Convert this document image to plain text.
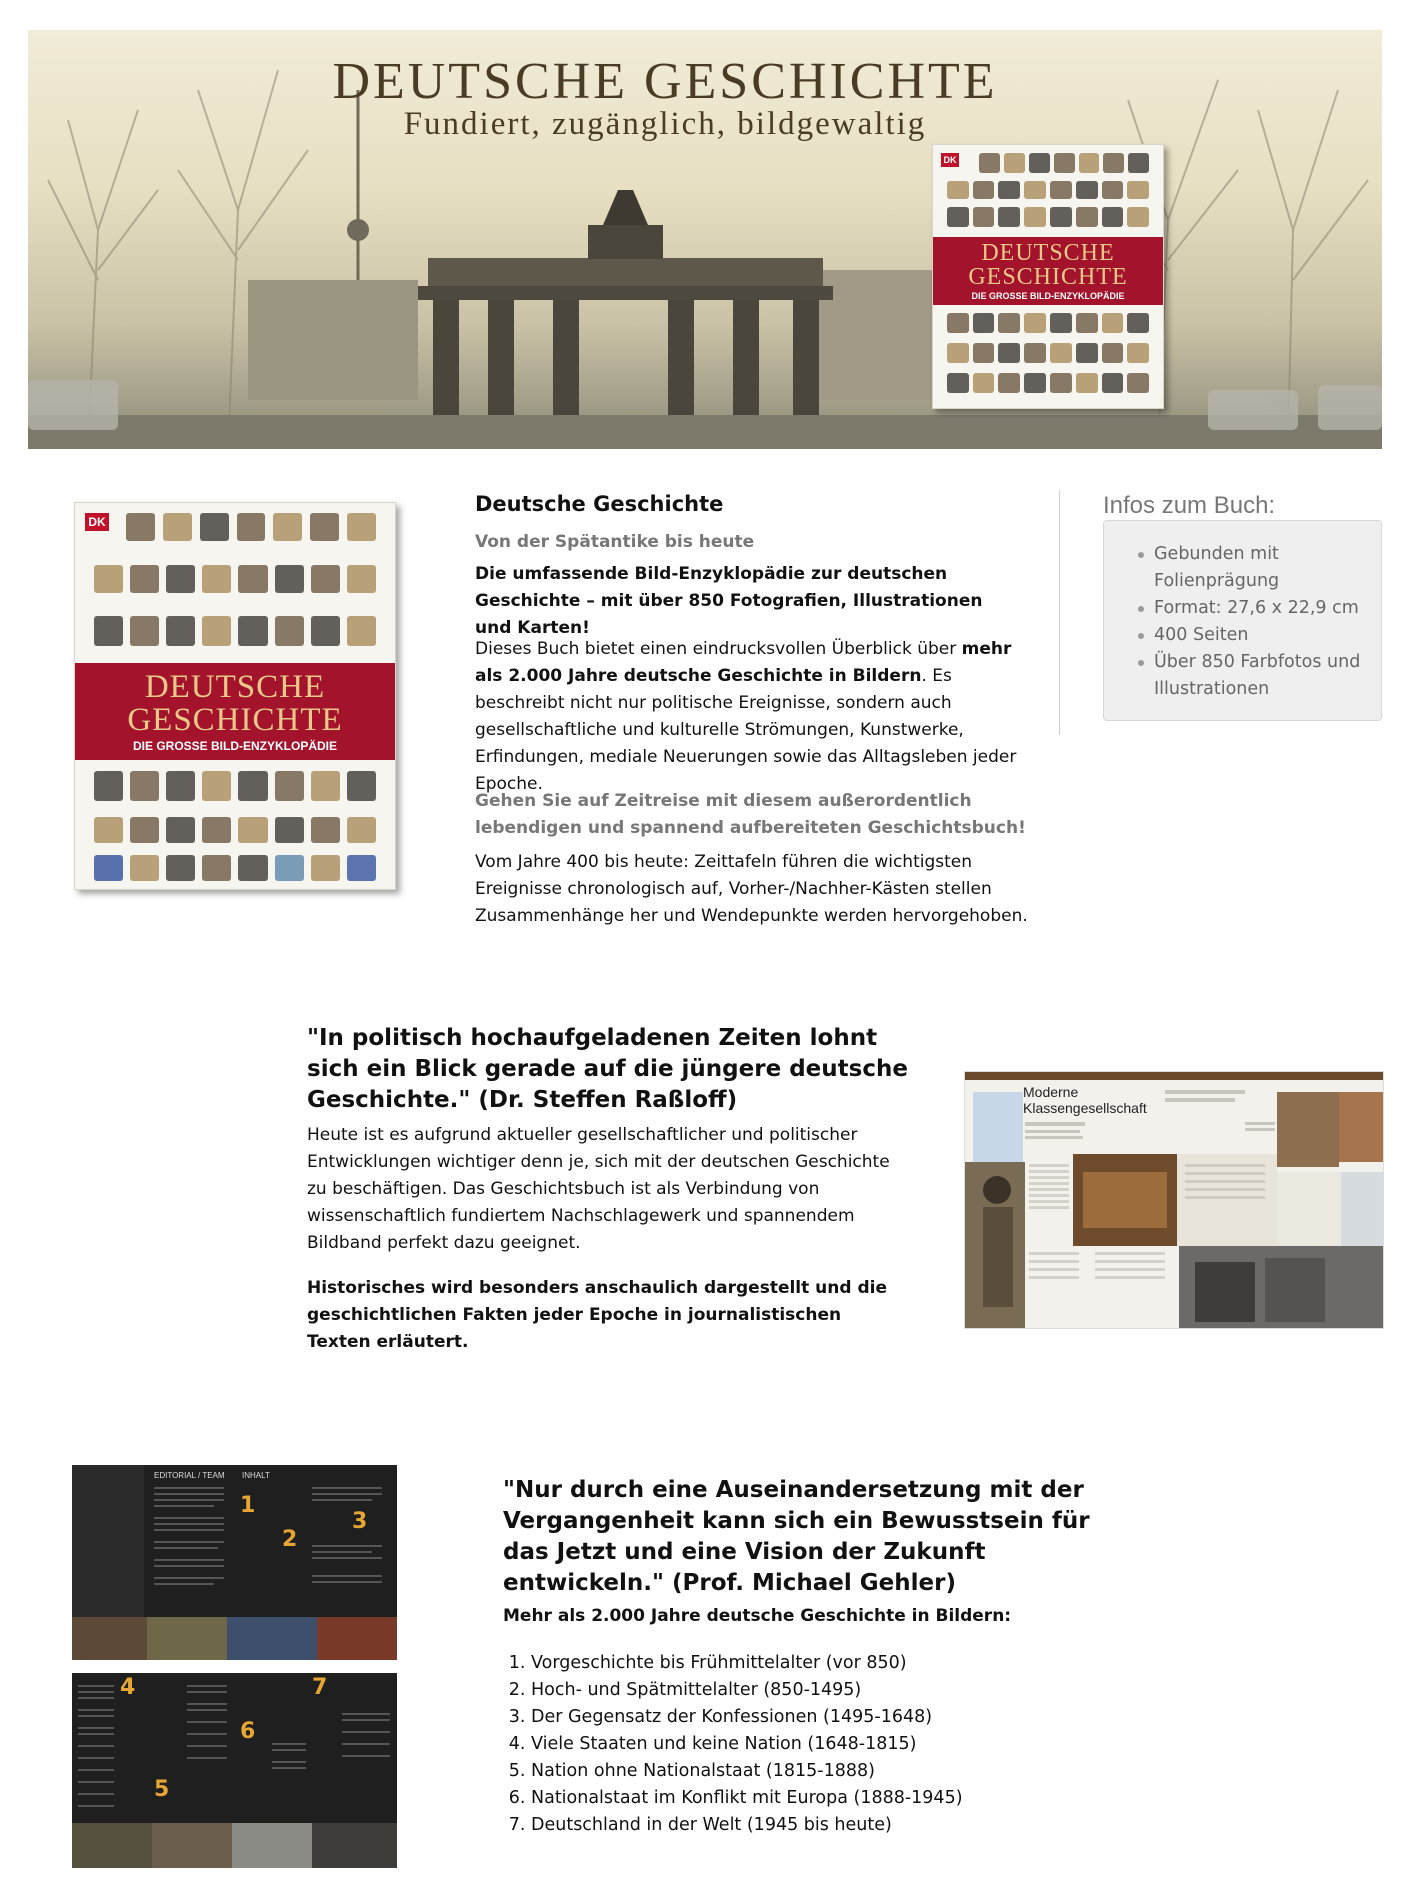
DEUTSCHE GESCHICHTE
Fundiert, zugänglich, bildgewaltig
DK
DEUTSCHE
GESCHICHTE
DIE GROSSE BILD-ENZYKLOPÄDIE
DK
DEUTSCHE
GESCHICHTE
DIE GROSSE BILD-ENZYKLOPÄDIE
Deutsche Geschichte
Von der Spätantike bis heute
Die umfassende Bild-Enzyklopädie zur deutschen Geschichte – mit über 850 Fotografien, Illustrationen und Karten!
Dieses Buch bietet einen eindrucksvollen Überblick über mehr als 2.000 Jahre deutsche Geschichte in Bildern. Es beschreibt nicht nur politische Ereignisse, sondern auch gesellschaftliche und kulturelle Strömungen, Kunstwerke, Erfindungen, mediale Neuerungen sowie das Alltagsleben jeder Epoche.
Gehen Sie auf Zeitreise mit diesem außerordentlich lebendigen und spannend aufbereiteten Geschichtsbuch!
Vom Jahre 400 bis heute: Zeittafeln führen die wichtigsten Ereignisse chronologisch auf, Vorher-/Nachher-Kästen stellen Zusammenhänge her und Wendepunkte werden hervorgehoben.
Infos zum Buch:
Gebunden mit Folienprägung
Format: 27,6 x 22,9 cm
400 Seiten
Über 850 Farbfotos und Illustrationen
"In politisch hochaufgeladenen Zeiten lohnt sich ein Blick gerade auf die jüngere deutsche Geschichte." (Dr. Steffen Raßloff)
Heute ist es aufgrund aktueller gesellschaftlicher und politischer Entwicklungen wichtiger denn je, sich mit der deutschen Geschichte zu beschäftigen. Das Geschichtsbuch ist als Verbindung von wissenschaftlich fundiertem Nachschlagewerk und spannendem Bildband perfekt dazu geeignet.
Historisches wird besonders anschaulich dargestellt und die geschichtlichen Fakten jeder Epoche in journalistischen Texten erläutert.
Moderne
Klassengesellschaft
EDITORIAL / TEAM INHALT
1
2
3
4
5
6
7
"Nur durch eine Auseinandersetzung mit der Vergangenheit kann sich ein Bewusstsein für das Jetzt und eine Vision der Zukunft entwickeln." (Prof. Michael Gehler)
Mehr als 2.000 Jahre deutsche Geschichte in Bildern:
1. Vorgeschichte bis Frühmittelalter (vor 850)
2. Hoch- und Spätmittelalter (850-1495)
3. Der Gegensatz der Konfessionen (1495-1648)
4. Viele Staaten und keine Nation (1648-1815)
5. Nation ohne Nationalstaat (1815-1888)
6. Nationalstaat im Konflikt mit Europa (1888-1945)
7. Deutschland in der Welt (1945 bis heute)
